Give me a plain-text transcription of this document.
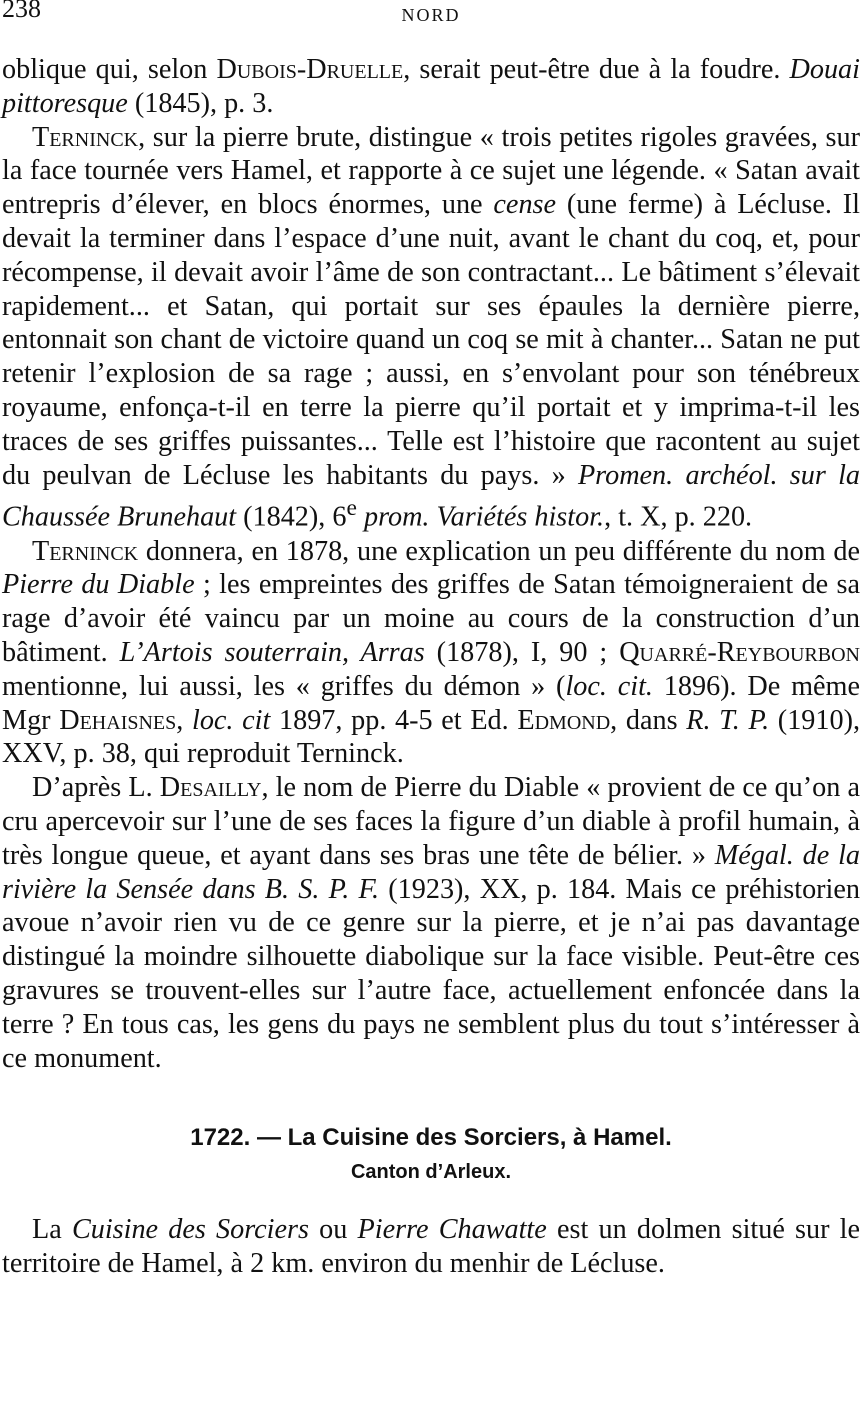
238	NORD

oblique qui, selon Dubois-Druelle, serait peut-être due à la foudre. Douai pittoresque (1845), p. 3.

Terninck, sur la pierre brute, distingue « trois petites rigoles gravées, sur la face tournée vers Hamel, et rapporte à ce sujet une légende. « Satan avait entrepris d’élever, en blocs énormes, une cense (une ferme) à Lécluse. Il devait la terminer dans l’espace d’une nuit, avant le chant du coq, et, pour récompense, il devait avoir l’âme de son contractant... Le bâtiment s’élevait rapidement... et Satan, qui portait sur ses épaules la dernière pierre, entonnait son chant de victoire quand un coq se mit à chanter... Satan ne put retenir l’explosion de sa rage ; aussi, en s’envolant pour son ténébreux royaume, enfonça-t-il en terre la pierre qu’il portait et y imprima-t-il les traces de ses griffes puissantes... Telle est l’histoire que racontent au sujet du peulvan de Lécluse les habitants du pays. » Promen. archéol. sur la Chaussée Brunehaut (1842), 6e prom. Variétés histor., t. X, p. 220.

Terninck donnera, en 1878, une explication un peu différente du nom de Pierre du Diable ; les empreintes des griffes de Satan témoigneraient de sa rage d’avoir été vaincu par un moine au cours de la construction d’un bâtiment. L’Artois souterrain, Arras (1878), I, 90 ; Quarré-Reybourbon mentionne, lui aussi, les « griffes du démon » (loc. cit. 1896). De même Mgr Dehaisnes, loc. cit 1897, pp. 4-5 et Ed. Edmond, dans R. T. P. (1910), XXV, p. 38, qui reproduit Terninck.

D’après L. Desailly, le nom de Pierre du Diable « provient de ce qu’on a cru apercevoir sur l’une de ses faces la figure d’un diable à profil humain, à très longue queue, et ayant dans ses bras une tête de bélier. » Mégal. de la rivière la Sensée dans B. S. P. F. (1923), XX, p. 184. Mais ce préhistorien avoue n’avoir rien vu de ce genre sur la pierre, et je n’ai pas davantage distingué la moindre silhouette diabolique sur la face visible. Peut-être ces gravures se trouvent-elles sur l’autre face, actuellement enfoncée dans la terre ? En tous cas, les gens du pays ne semblent plus du tout s’intéresser à ce monument.

1722. — La Cuisine des Sorciers, à Hamel.
Canton d’Arleux.

La Cuisine des Sorciers ou Pierre Chawatte est un dolmen situé sur le territoire de Hamel, à 2 km. environ du menhir de Lécluse.
